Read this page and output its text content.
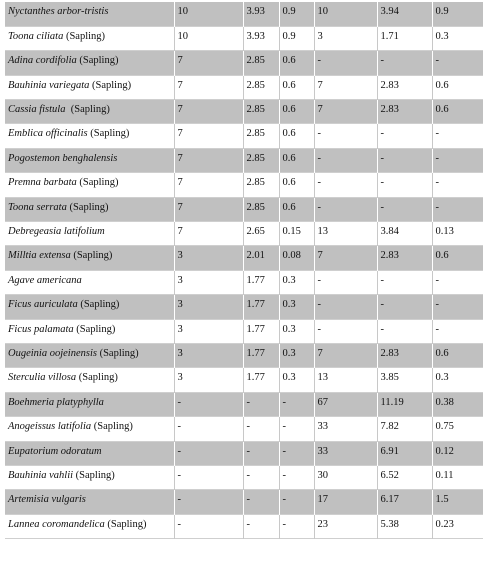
Nyctanthes arbor-tristis	10	3.93	0.9	10	3.94	0.9
Toona ciliata (Sapling)	10	3.93	0.9	3	1.71	0.3
Adina cordifolia (Sapling)	7	2.85	0.6	-	-	-
Bauhinia variegata (Sapling)	7	2.85	0.6	7	2.83	0.6
Cassia fistula  (Sapling)	7	2.85	0.6	7	2.83	0.6
Emblica officinalis (Sapling)	7	2.85	0.6	-	-	-
Pogostemon benghalensis	7	2.85	0.6	-	-	-
Premna barbata (Sapling)	7	2.85	0.6	-	-	-
Toona serrata (Sapling)	7	2.85	0.6	-	-	-
Debregeasia latifolium	7	2.65	0.15	13	3.84	0.13
Milltia extensa (Sapling)	3	2.01	0.08	7	2.83	0.6
Agave americana	3	1.77	0.3	-	-	-
Ficus auriculata (Sapling)	3	1.77	0.3	-	-	-
Ficus palamata (Sapling)	3	1.77	0.3	-	-	-
Ougeinia oojeinensis (Sapling)	3	1.77	0.3	7	2.83	0.6
Sterculia villosa (Sapling)	3	1.77	0.3	13	3.85	0.3
Boehmeria platyphylla	-	-	-	67	11.19	0.38
Anogeissus latifolia (Sapling)	-	-	-	33	7.82	0.75
Eupatorium odoratum	-	-	-	33	6.91	0.12
Bauhinia vahlii (Sapling)	-	-	-	30	6.52	0.11
Artemisia vulgaris	-	-	-	17	6.17	1.5
Lannea coromandelica (Sapling)	-	-	-	23	5.38	0.23
